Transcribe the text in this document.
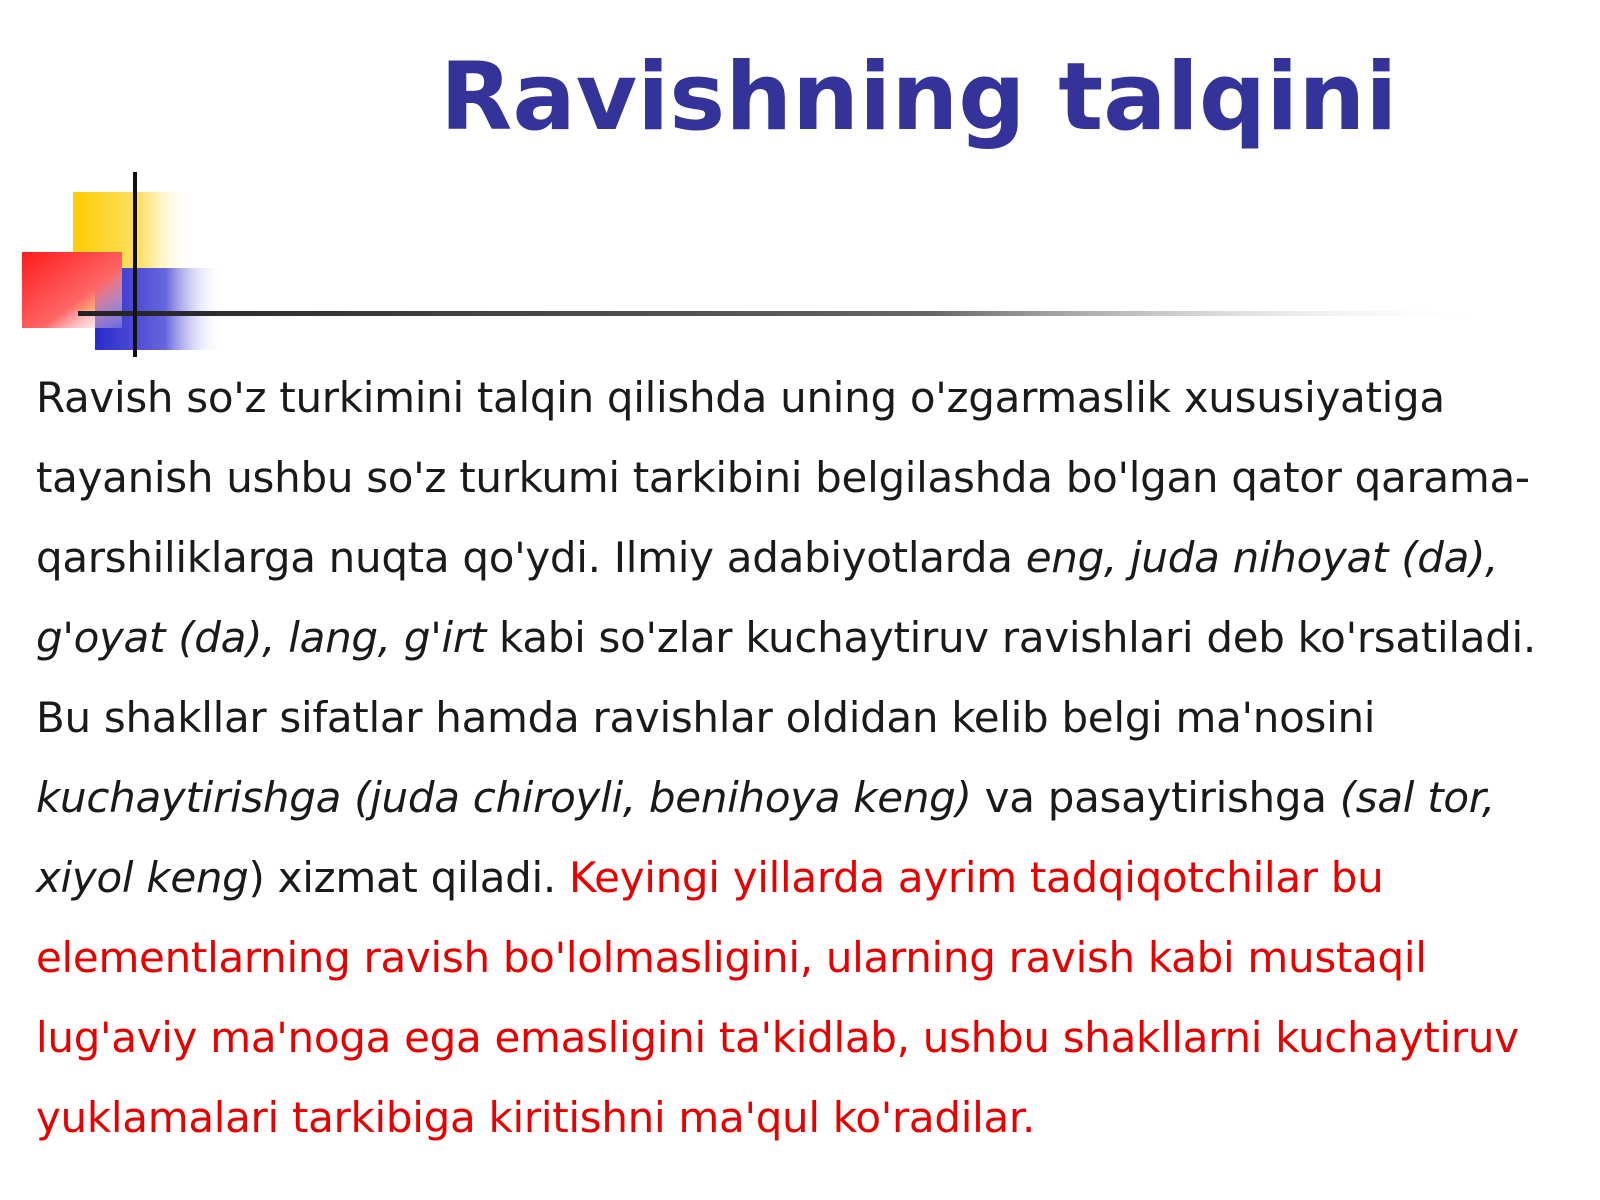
Ravishning talqini

Ravish so'z turkimini talqin qilishda uning o'zgarmaslik xususiyatiga tayanish ushbu so'z turkumi tarkibini belgilashda bo'lgan qator qarama-qarshiliklarga nuqta qo'ydi. Ilmiy adabiyotlarda eng, juda nihoyat (da), g'oyat (da), lang, g'irt kabi so'zlar kuchaytiruv ravishlari deb ko'rsatiladi. Bu shakllar sifatlar hamda ravishlar oldidan kelib belgi ma'nosini kuchaytirishga (juda chiroyli, benihoya keng) va pasaytirishga (sal tor, xiyol keng) xizmat qiladi. Keyingi yillarda ayrim tadqiqotchilar bu elementlarning ravish bo'lolmasligini, ularning ravish kabi mustaqil lug'aviy ma'noga ega emasligini ta'kidlab, ushbu shakllarni kuchaytiruv yuklamalari tarkibiga kiritishni ma'qul ko'radilar.
